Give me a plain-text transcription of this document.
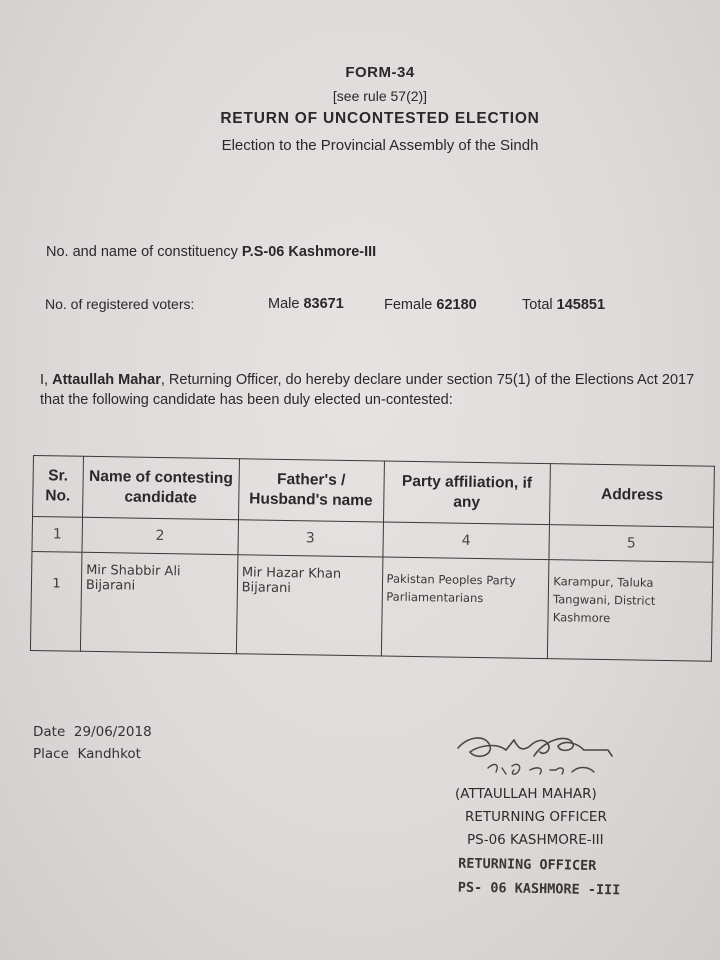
FORM-34
[see rule 57(2)]
RETURN OF UNCONTESTED ELECTION
Election to the Provincial Assembly of the Sindh
No. and name of constituency P.S-06 Kashmore-III
No. of registered voters:	Male 83671	Female 62180	Total 145851
I, Attaullah Mahar, Returning Officer, do hereby declare under section 75(1) of the Elections Act 2017 that the following candidate has been duly elected un-contested:
Sr. No.	Name of contesting candidate	Father's / Husband's name	Party affiliation, if any	Address
1	2	3	4	5
1	Mir Shabbir Ali Bijarani	Mir Hazar Khan Bijarani	Pakistan Peoples Party Parliamentarians	Karampur, Taluka Tangwani, District Kashmore
Date 29/06/2018
Place Kandhkot
(ATTAULLAH MAHAR)
RETURNING OFFICER
PS-06 KASHMORE-III
RETURNING OFFICER
PS- 06 KASHMORE -III
